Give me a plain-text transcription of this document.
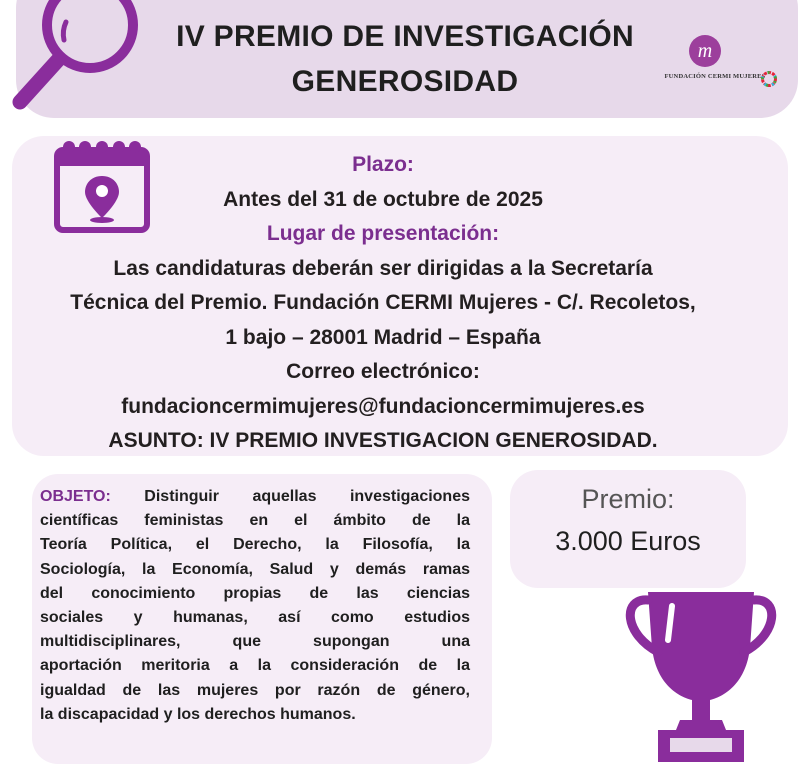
IV PREMIO DE INVESTIGACIÓN
GENEROSIDAD
m
FUNDACIÓN CERMI MUJERES
Plazo:
Antes del 31 de octubre de 2025
Lugar de presentación:
Las candidaturas deberán ser dirigidas a la Secretaría
Técnica del Premio. Fundación CERMI Mujeres - C/. Recoletos,
1 bajo – 28001 Madrid – España
Correo electrónico:
fundacioncermimujeres@fundacioncermimujeres.es
ASUNTO: IV PREMIO INVESTIGACION GENEROSIDAD.
OBJETO: Distinguir aquellas investigaciones
científicas feministas en el ámbito de la
Teoría Política, el Derecho, la Filosofía, la
Sociología, la Economía, Salud y demás ramas
del conocimiento propias de las ciencias
sociales y humanas, así como estudios
multidisciplinares, que supongan una
aportación meritoria a la consideración de la
igualdad de las mujeres por razón de género,
la discapacidad y los derechos humanos.
Premio:
3.000 Euros
